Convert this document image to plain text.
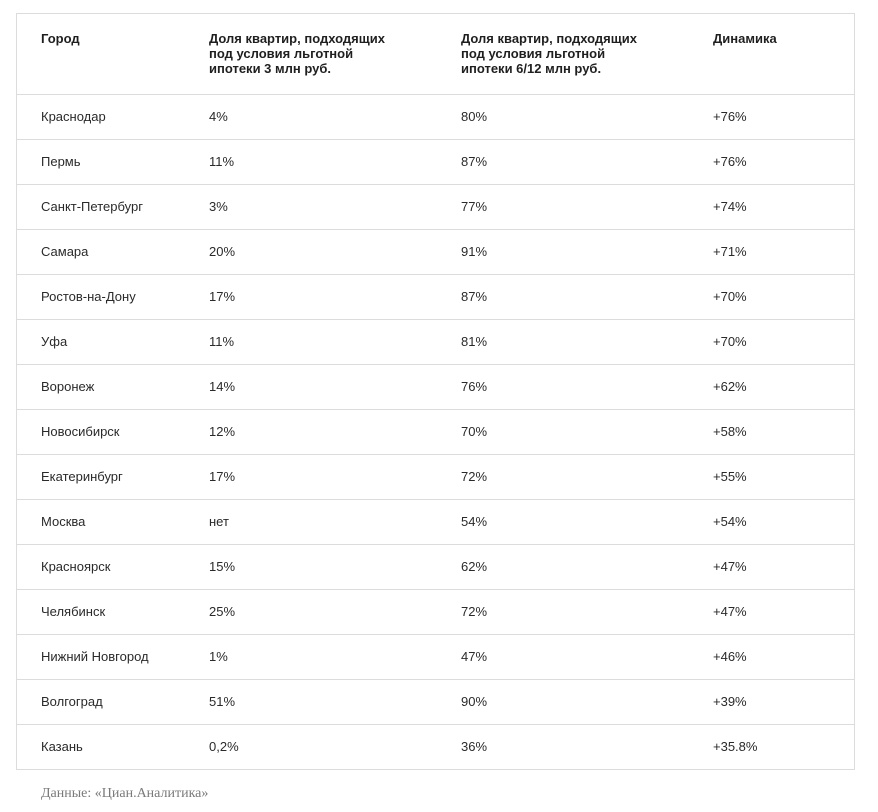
Город	Доля квартир, подходящих под условия льготной ипотеки 3 млн руб.	Доля квартир, подходящих под условия льготной ипотеки 6/12 млн руб.	Динамика
Краснодар	4%	80%	+76%
Пермь	11%	87%	+76%
Санкт-Петербург	3%	77%	+74%
Самара	20%	91%	+71%
Ростов-на-Дону	17%	87%	+70%
Уфа	11%	81%	+70%
Воронеж	14%	76%	+62%
Новосибирск	12%	70%	+58%
Екатеринбург	17%	72%	+55%
Москва	нет	54%	+54%
Красноярск	15%	62%	+47%
Челябинск	25%	72%	+47%
Нижний Новгород	1%	47%	+46%
Волгоград	51%	90%	+39%
Казань	0,2%	36%	+35.8%
Данные: «Циан.Аналитика»
